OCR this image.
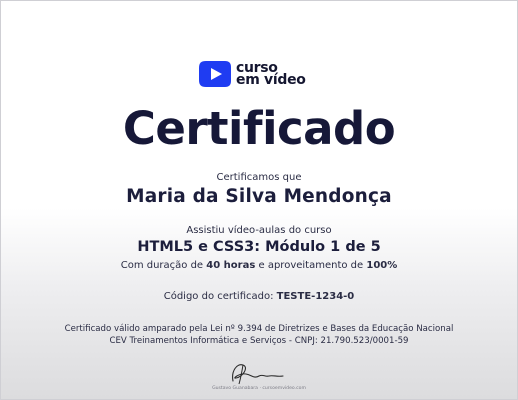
curso
em vídeo
Certificado
Certificamos que
Maria da Silva Mendonça
Assistiu vídeo-aulas do curso
HTML5 e CSS3: Módulo 1 de 5
Com duração de 40 horas e aproveitamento de 100%
Código do certificado: TESTE-1234-0
Certificado válido amparado pela Lei nº 9.394 de Diretrizes e Bases da Educação Nacional
CEV Treinamentos Informática e Serviços - CNPJ: 21.790.523/0001-59
Gustavo Guanabara · cursoemvideo.com
